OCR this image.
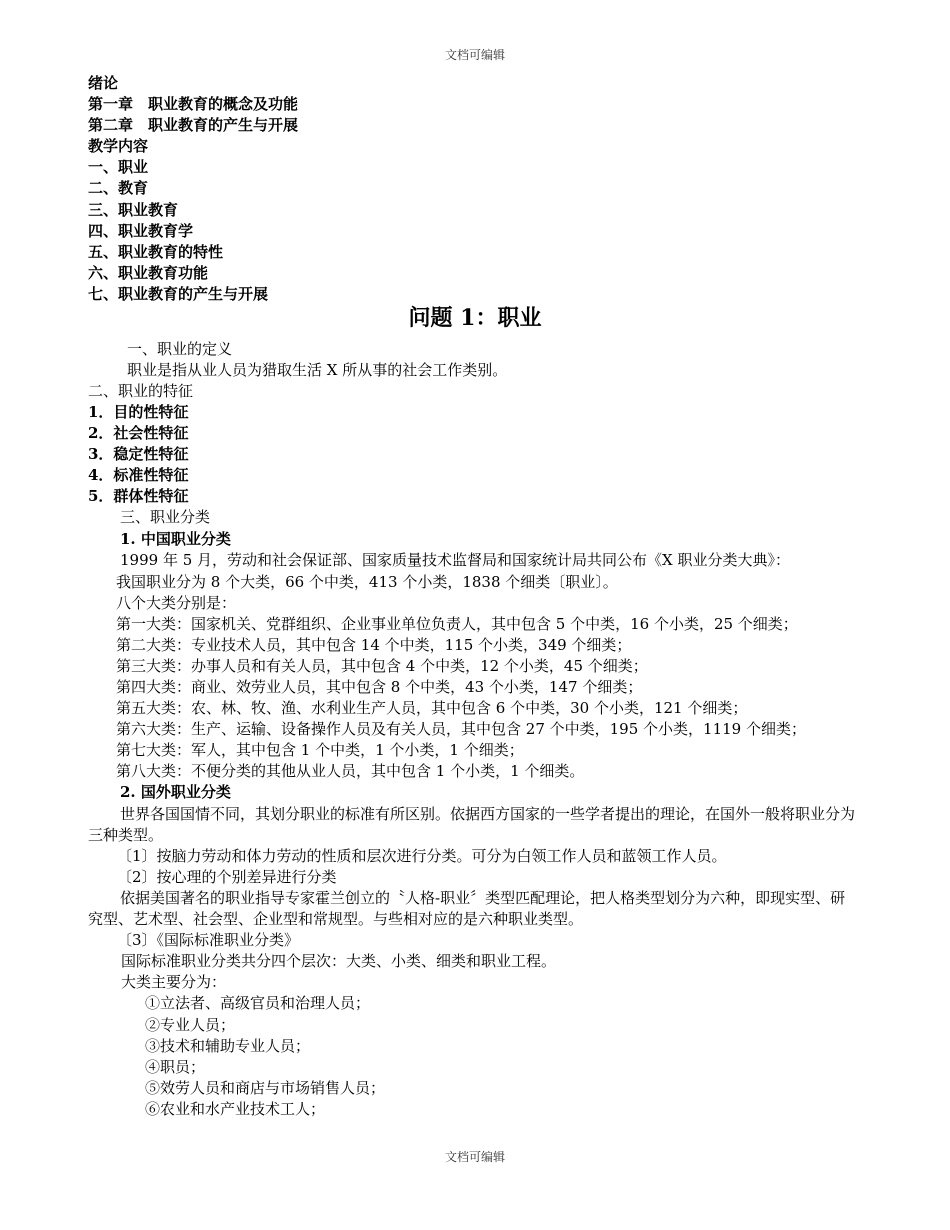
文档可编辑
绪论
第一章　职业教育的概念及功能
第二章　职业教育的产生与开展
教学内容
一、职业
二、教育
三、职业教育
四、职业教育学
五、职业教育的特性
六、职业教育功能
七、职业教育的产生与开展
问题 1：职业
一、职业的定义
职业是指从业人员为猎取生活 X 所从事的社会工作类别。
二、职业的特征
1．目的性特征
2．社会性特征
3．稳定性特征
4．标准性特征
5．群体性特征
三、职业分类
1. 中国职业分类
1999 年 5 月，劳动和社会保证部、国家质量技术监督局和国家统计局共同公布《X 职业分类大典》：
我国职业分为 8 个大类，66 个中类，413 个小类，1838 个细类〔职业〕。
八个大类分别是：
第一大类：国家机关、党群组织、企业事业单位负责人，其中包含 5 个中类，16 个小类，25 个细类；
第二大类：专业技术人员，其中包含 14 个中类，115 个小类，349 个细类；
第三大类：办事人员和有关人员，其中包含 4 个中类，12 个小类，45 个细类；
第四大类：商业、效劳业人员，其中包含 8 个中类，43 个小类，147 个细类；
第五大类：农、林、牧、渔、水利业生产人员，其中包含 6 个中类，30 个小类，121 个细类；
第六大类：生产、运输、设备操作人员及有关人员，其中包含 27 个中类，195 个小类，1119 个细类；
第七大类：军人，其中包含 1 个中类，1 个小类，1 个细类；
第八大类：不便分类的其他从业人员，其中包含 1 个小类，1 个细类。
2. 国外职业分类
世界各国国情不同，其划分职业的标准有所区别。依据西方国家的一些学者提出的理论，在国外一般将职业分为三种类型。
〔1〕按脑力劳动和体力劳动的性质和层次进行分类。可分为白领工作人员和蓝领工作人员。
〔2〕按心理的个别差异进行分类
依据美国著名的职业指导专家霍兰创立的〝人格-职业〞类型匹配理论，把人格类型划分为六种，即现实型、研究型、艺术型、社会型、企业型和常规型。与些相对应的是六种职业类型。
〔3〕《国际标准职业分类》
国际标准职业分类共分四个层次：大类、小类、细类和职业工程。
大类主要分为：
①立法者、高级官员和治理人员；
②专业人员；
③技术和辅助专业人员；
④职员；
⑤效劳人员和商店与市场销售人员；
⑥农业和水产业技术工人；
文档可编辑
